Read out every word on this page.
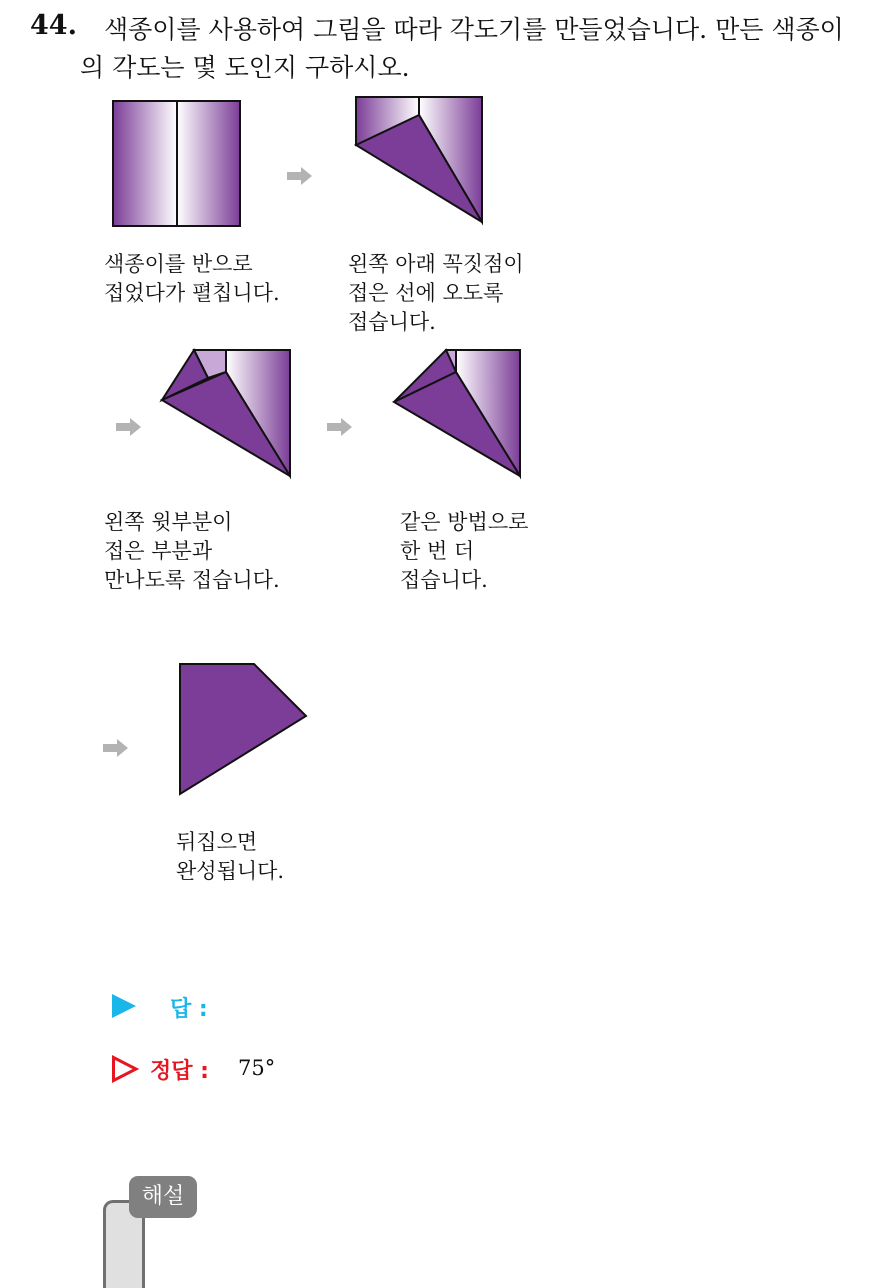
44. 색종이를 사용하여 그림을 따라 각도기를 만들었습니다. 만든 색종이
의 각도는 몇 도인지 구하시오.
색종이를 반으로
접었다가 펼칩니다.
왼쪽 아래 꼭짓점이
접은 선에 오도록
접습니다.
왼쪽 윗부분이
접은 부분과
만나도록 접습니다.
같은 방법으로
한 번 더
접습니다.
뒤집으면
완성됩니다.
답 :
정답 : 75°
해설
